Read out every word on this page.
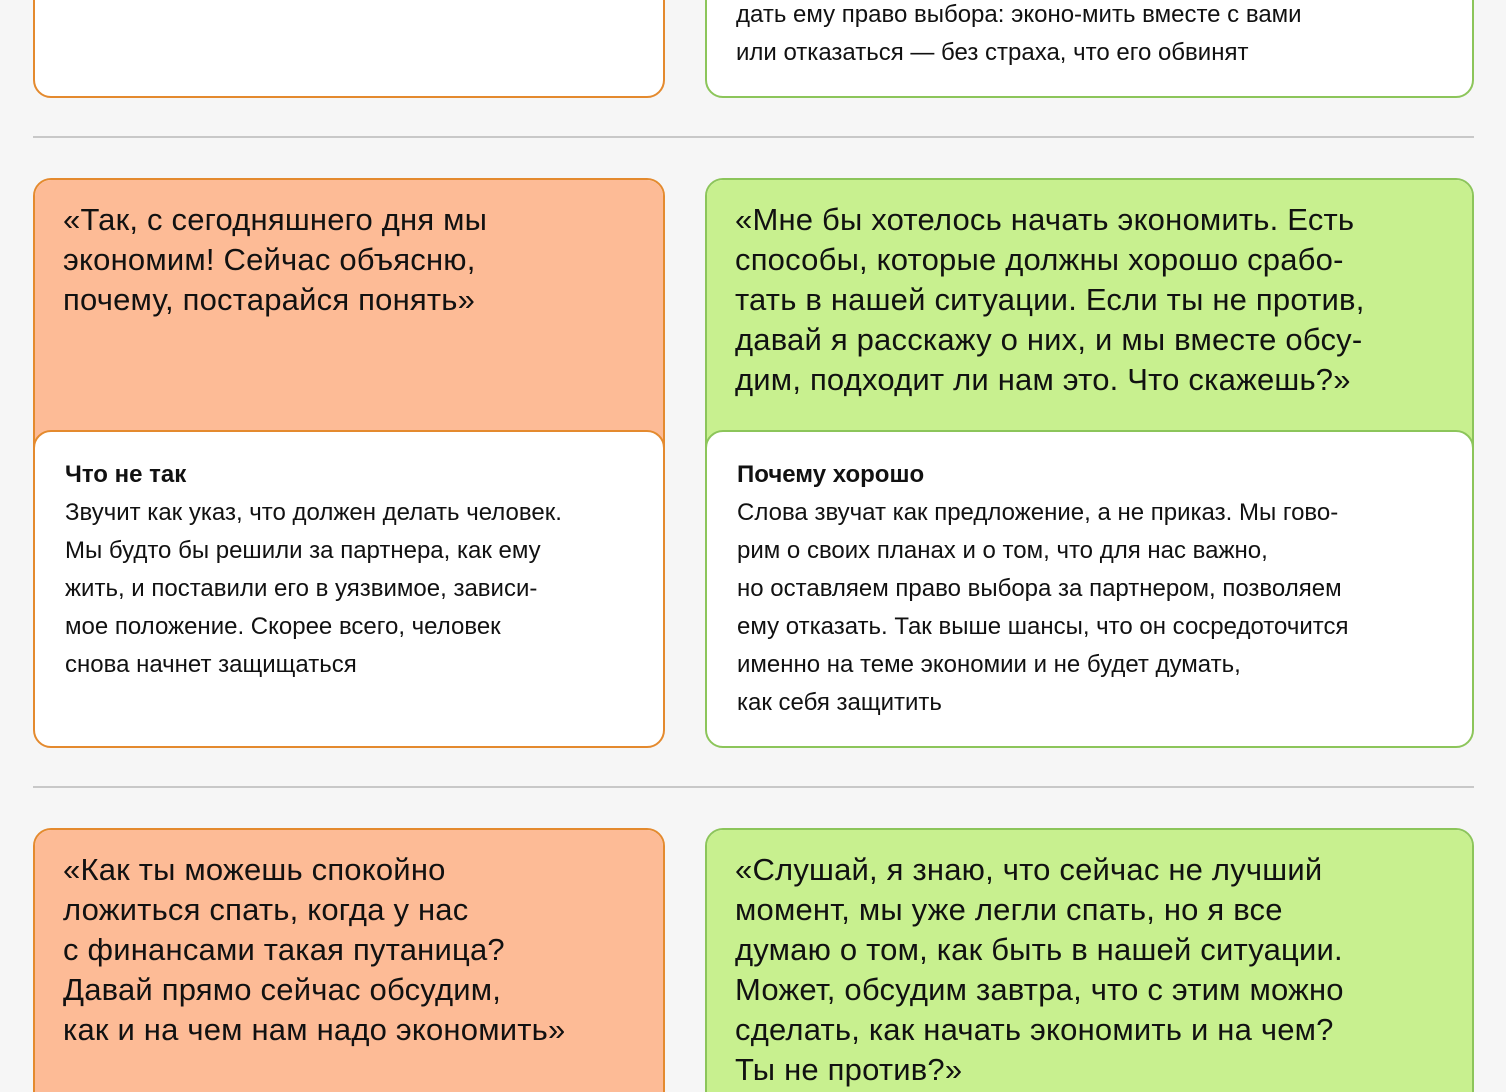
дать ему право выбора: эконо-мить вместе с вами
или отказаться — без страха, что его обвинят
«Так, с сегодняшнего дня мы
экономим! Сейчас объясню,
почему, постарайся понять»
Что не так
Звучит как указ, что должен делать человек.
Мы будто бы решили за партнера, как ему
жить, и поставили его в уязвимое, зависи-
мое положение. Скорее всего, человек
снова начнет защищаться
«Мне бы хотелось начать экономить. Есть
способы, которые должны хорошо срабо-
тать в нашей ситуации. Если ты не против,
давай я расскажу о них, и мы вместе обсу-
дим, подходит ли нам это. Что скажешь?»
Почему хорошо
Слова звучат как предложение, а не приказ. Мы гово-
рим о своих планах и о том, что для нас важно,
но оставляем право выбора за партнером, позволяем
ему отказать. Так выше шансы, что он сосредоточится
именно на теме экономии и не будет думать,
как себя защитить
«Как ты можешь спокойно
ложиться спать, когда у нас
с финансами такая путаница?
Давай прямо сейчас обсудим,
как и на чем нам надо экономить»
«Слушай, я знаю, что сейчас не лучший
момент, мы уже легли спать, но я все
думаю о том, как быть в нашей ситуации.
Может, обсудим завтра, что с этим можно
сделать, как начать экономить и на чем?
Ты не против?»
